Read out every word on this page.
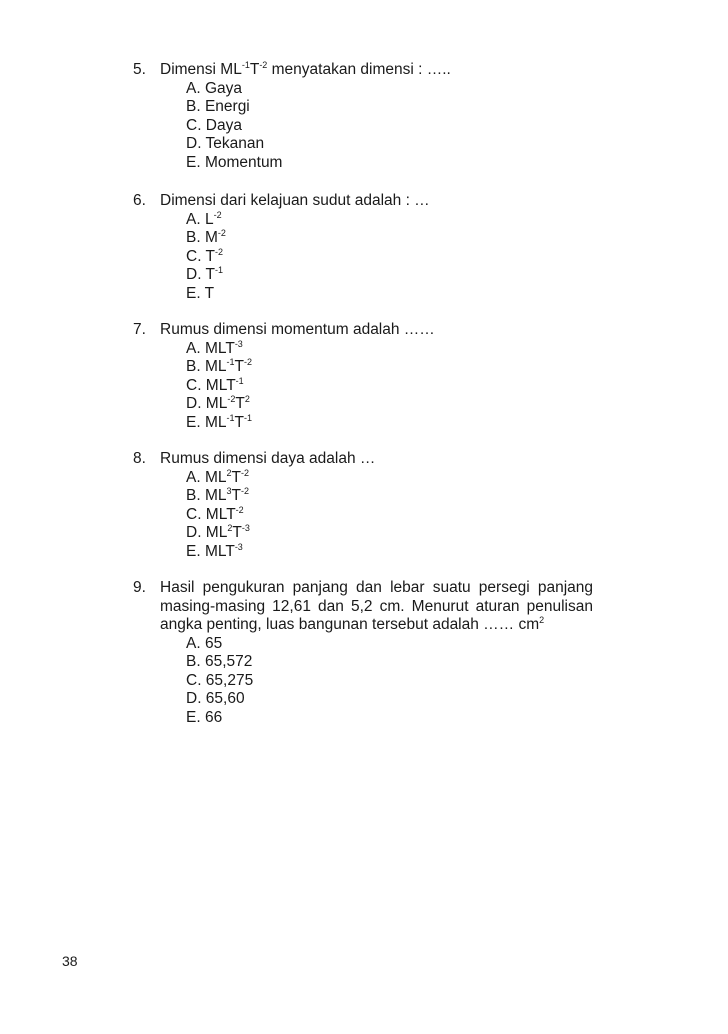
5. Dimensi $ML^{-1}T^{-2}$ menyatakan dimensi : …..
A. Gaya
B. Energi
C. Daya
D. Tekanan
E. Momentum
6. Dimensi dari kelajuan sudut adalah : …
A. $L^{-2}$
B. $M^{-2}$
C. $T^{-2}$
D. $T^{-1}$
E. T
7. Rumus dimensi momentum adalah ……
A. $MLT^{-3}$
B. $ML^{-1}T^{-2}$
C. $MLT^{-1}$
D. $ML^{-2}T^2$
E. $ML^{-1}T^{-1}$
8. Rumus dimensi daya adalah …
A. $ML^2T^{-2}$
B. $ML^3T^{-2}$
C. $MLT^{-2}$
D. $ML^2T^{-3}$
E. $MLT^{-3}$
9. Hasil pengukuran panjang dan lebar suatu persegi panjang masing-masing 12,61 dan 5,2 cm. Menurut aturan penulisan angka penting, luas bangunan tersebut adalah …… $cm^2$
A. 65
B. 65,572
C. 65,275
D. 65,60
E. 66
38
